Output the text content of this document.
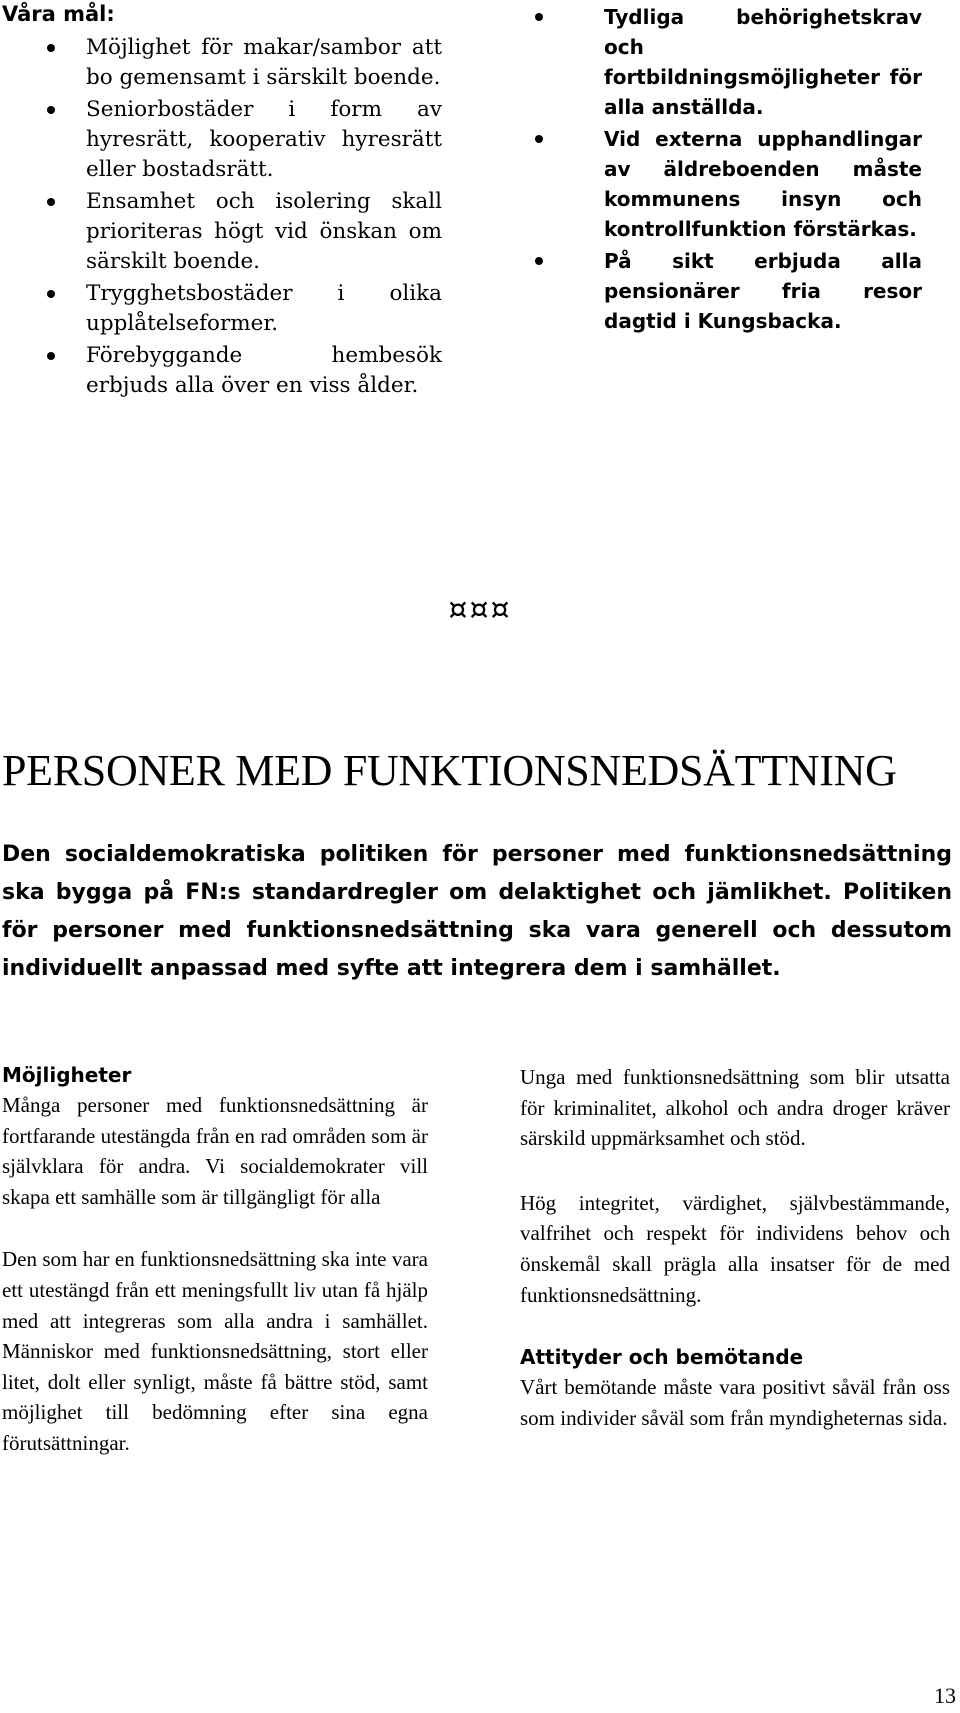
Våra mål:
Möjlighet för makar/sambor att bo gemensamt i särskilt boende.
Seniorbostäder i form av hyresrätt, kooperativ hyresrätt eller bostadsrätt.
Ensamhet och isolering skall prioriteras högt vid önskan om särskilt boende.
Trygghetsbostäder i olika upplåtelseformer.
Förebyggande hembesök erbjuds alla över en viss ålder.
Tydliga behörighetskrav och fortbildningsmöjligheter för alla anställda.
Vid externa upphandlingar av äldreboenden måste kommunens insyn och kontrollfunktion förstärkas.
På sikt erbjuda alla pensionärer fria resor dagtid i Kungsbacka.
¤¤¤
PERSONER MED FUNKTIONSNEDSÄTTNING
Den socialdemokratiska politiken för personer med funktionsnedsättning ska bygga på FN:s standardregler om delaktighet och jämlikhet. Politiken för personer med funktionsnedsättning ska vara generell och dessutom individuellt anpassad med syfte att integrera dem i samhället.
Möjligheter
Många personer med funktionsnedsättning är fortfarande utestängda från en rad områden som är självklara för andra. Vi socialdemokrater vill skapa ett samhälle som är tillgängligt för alla
Den som har en funktionsnedsättning ska inte vara ett utestängd från ett meningsfullt liv utan få hjälp med att integreras som alla andra i samhället. Människor med funktionsnedsättning, stort eller litet, dolt eller synligt, måste få bättre stöd, samt möjlighet till bedömning efter sina egna förutsättningar.
Unga med funktionsnedsättning som blir utsatta för kriminalitet, alkohol och andra droger kräver särskild uppmärksamhet och stöd.
Hög integritet, värdighet, självbestämmande, valfrihet och respekt för individens behov och önskemål skall prägla alla insatser för de med funktionsnedsättning.
Attityder och bemötande
Vårt bemötande måste vara positivt såväl från oss som individer såväl som från myndigheternas sida.
13
